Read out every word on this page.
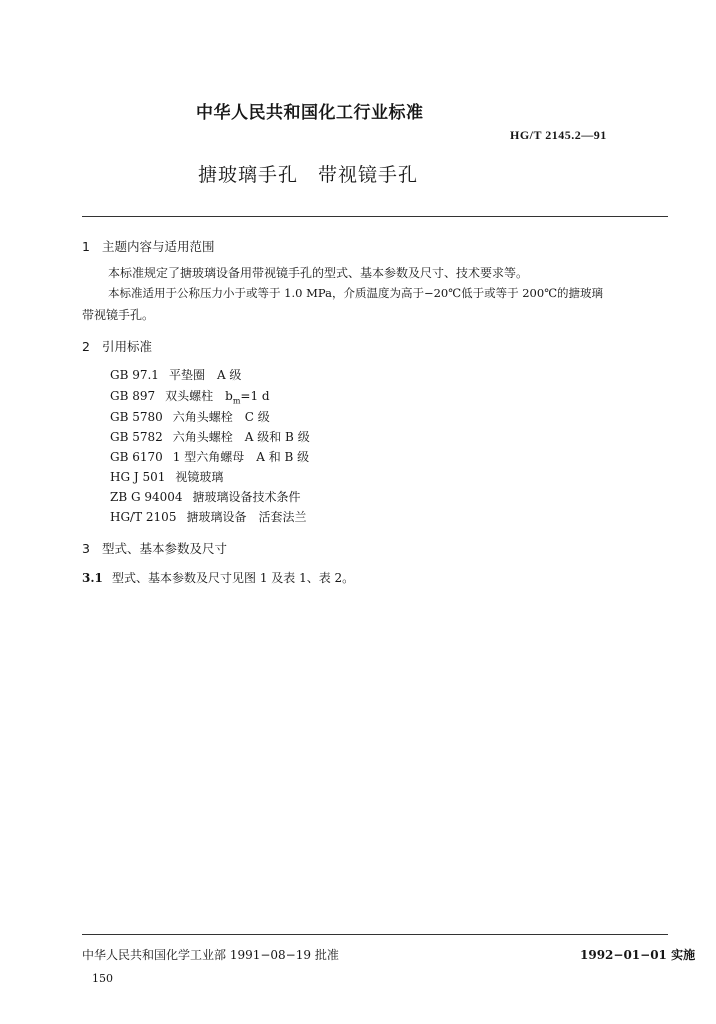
中华人民共和国化工行业标准
HG/T 2145.2—91
搪玻璃手孔 带视镜手孔
1 主题内容与适用范围
本标准规定了搪玻璃设备用带视镜手孔的型式、基本参数及尺寸、技术要求等。
本标准适用于公称压力小于或等于 1.0 MPa，介质温度为高于−20℃低于或等于 200℃的搪玻璃
带视镜手孔。
2 引用标准
GB 97.1 平垫圈　A 级
GB 897 双头螺柱　$b_m=1$ d
GB 5780 六角头螺栓　C 级
GB 5782 六角头螺栓　A 级和 B 级
GB 6170 1 型六角螺母　A 和 B 级
HG J 501 视镜玻璃
ZB G 94004 搪玻璃设备技术条件
HG/T 2105 搪玻璃设备　活套法兰
3 型式、基本参数及尺寸
3.1 型式、基本参数及尺寸见图 1 及表 1、表 2。
中华人民共和国化学工业部 1991−08−19 批准	1992−01−01 实施
150
